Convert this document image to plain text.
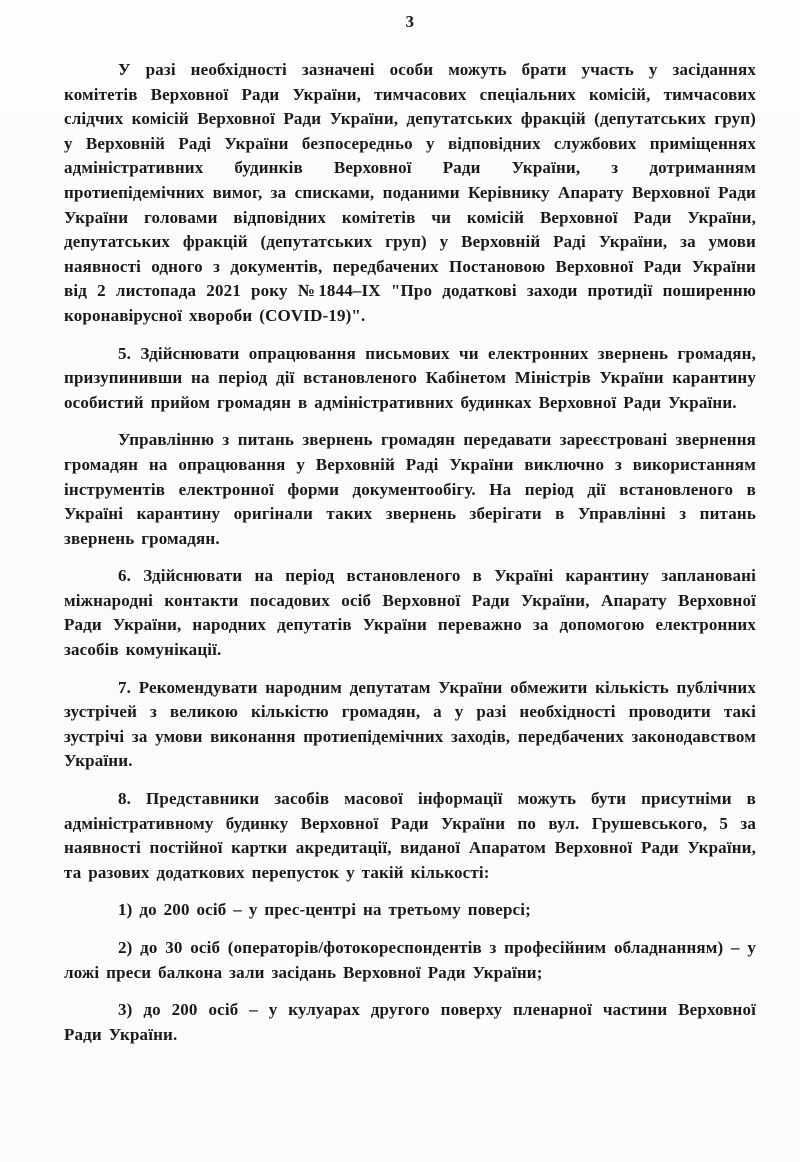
3

У разі необхідності зазначені особи можуть брати участь у засіданнях комітетів Верховної Ради України, тимчасових спеціальних комісій, тимчасових слідчих комісій Верховної Ради України, депутатських фракцій (депутатських груп) у Верховній Раді України безпосередньо у відповідних службових приміщеннях адміністративних будинків Верховної Ради України, з дотриманням протиепідемічних вимог, за списками, поданими Керівнику Апарату Верховної Ради України головами відповідних комітетів чи комісій Верховної Ради України, депутатських фракцій (депутатських груп) у Верховній Раді України, за умови наявності одного з документів, передбачених Постановою Верховної Ради України від 2 листопада 2021 року №1844–ІХ "Про додаткові заходи протидії поширенню коронавірусної хвороби (COVID-19)".

5. Здійснювати опрацювання письмових чи електронних звернень громадян, призупинивши на період дії встановленого Кабінетом Міністрів України карантину особистий прийом громадян в адміністративних будинках Верховної Ради України.

Управлінню з питань звернень громадян передавати зареєстровані звернення громадян на опрацювання у Верховній Раді України виключно з використанням інструментів електронної форми документообігу. На період дії встановленого в Україні карантину оригінали таких звернень зберігати в Управлінні з питань звернень громадян.

6. Здійснювати на період встановленого в Україні карантину заплановані міжнародні контакти посадових осіб Верховної Ради України, Апарату Верховної Ради України, народних депутатів України переважно за допомогою електронних засобів комунікації.

7. Рекомендувати народним депутатам України обмежити кількість публічних зустрічей з великою кількістю громадян, а у разі необхідності проводити такі зустрічі за умови виконання протиепідемічних заходів, передбачених законодавством України.

8. Представники засобів масової інформації можуть бути присутніми в адміністративному будинку Верховної Ради України по вул. Грушевського, 5 за наявності постійної картки акредитації, виданої Апаратом Верховної Ради України, та разових додаткових перепусток у такій кількості:

1) до 200 осіб – у прес-центрі на третьому поверсі;

2) до 30 осіб (операторів/фотокореспондентів з професійним обладнанням) – у ложі преси балкона зали засідань Верховної Ради України;

3) до 200 осіб – у кулуарах другого поверху пленарної частини Верховної Ради України.
